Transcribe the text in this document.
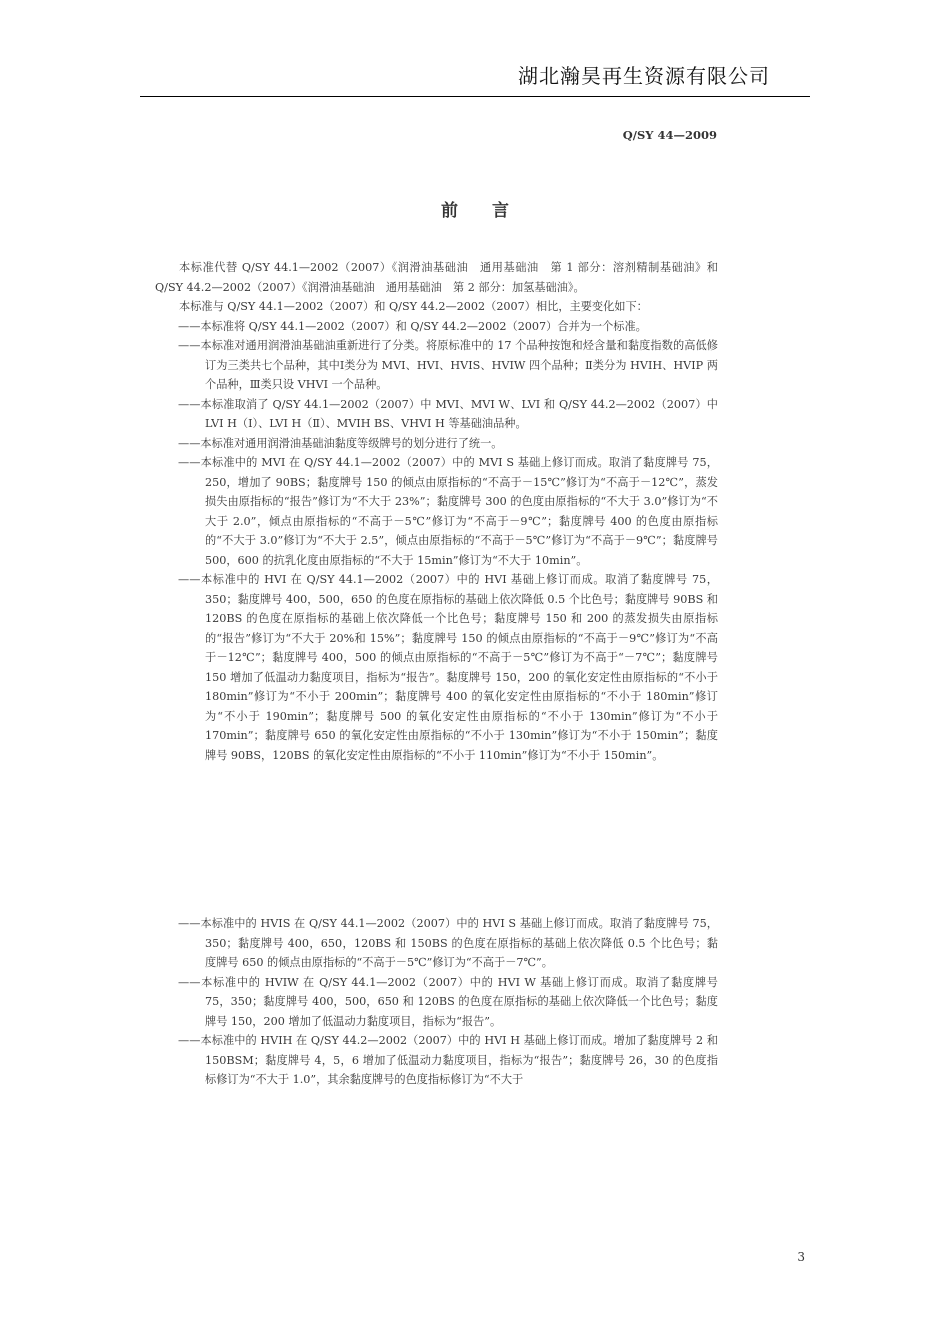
湖北瀚昊再生资源有限公司
Q/SY 44—2009
前 言

本标准代替 Q/SY 44.1—2002（2007）《润滑油基础油　通用基础油　第 1 部分：溶剂精制基础油》和 Q/SY 44.2—2002（2007）《润滑油基础油　通用基础油　第 2 部分：加氢基础油》。

本标准与 Q/SY 44.1—2002（2007）和 Q/SY 44.2—2002（2007）相比，主要变化如下：

——本标准将 Q/SY 44.1—2002（2007）和 Q/SY 44.2—2002（2007）合并为一个标准。

——本标准对通用润滑油基础油重新进行了分类。将原标准中的 17 个品种按饱和烃含量和黏度指数的高低修订为三类共七个品种，其中Ⅰ类分为 MVI、HVI、HVIS、HVIW 四个品种；Ⅱ类分为 HVIH、HVIP 两个品种，Ⅲ类只设 VHVI 一个品种。

——本标准取消了 Q/SY 44.1—2002（2007）中 MVI、MVI W、LVI 和 Q/SY 44.2—2002（2007）中 LVI H（Ⅰ）、LVI H（Ⅱ）、MVIH BS、VHVI H 等基础油品种。

——本标准对通用润滑油基础油黏度等级牌号的划分进行了统一。

——本标准中的 MVI 在 Q/SY 44.1—2002（2007）中的 MVI S 基础上修订而成。取消了黏度牌号 75，250，增加了 90BS；黏度牌号 150 的倾点由原指标的“不高于－15℃”修订为“不高于－12℃”，蒸发损失由原指标的“报告”修订为“不大于 23%”；黏度牌号 300 的色度由原指标的“不大于 3.0”修订为“不大于 2.0”，倾点由原指标的“不高于－5℃”修订为“不高于－9℃”；黏度牌号 400 的色度由原指标的“不大于 3.0”修订为“不大于 2.5”，倾点由原指标的“不高于－5℃”修订为“不高于－9℃”；黏度牌号 500，600 的抗乳化度由原指标的“不大于 15min”修订为“不大于 10min”。

——本标准中的 HVI 在 Q/SY 44.1—2002（2007）中的 HVI 基础上修订而成。取消了黏度牌号 75，350；黏度牌号 400，500，650 的色度在原指标的基础上依次降低 0.5 个比色号；黏度牌号 90BS 和 120BS 的色度在原指标的基础上依次降低一个比色号；黏度牌号 150 和 200 的蒸发损失由原指标的“报告”修订为“不大于 20%和 15%”；黏度牌号 150 的倾点由原指标的“不高于－9℃”修订为“不高于－12℃”；黏度牌号 400，500 的倾点由原指标的“不高于－5℃”修订为不高于“－7℃”；黏度牌号 150 增加了低温动力黏度项目，指标为“报告”。黏度牌号 150，200 的氧化安定性由原指标的“不小于 180min”修订为“不小于 200min”；黏度牌号 400 的氧化安定性由原指标的“不小于 180min”修订为“不小于 190min”；黏度牌号 500 的氧化安定性由原指标的“不小于 130min”修订为“不小于 170min”；黏度牌号 650 的氧化安定性由原指标的“不小于 130min”修订为“不小于 150min”；黏度牌号 90BS，120BS 的氧化安定性由原指标的“不小于 110min”修订为“不小于 150min”。

——本标准中的 HVIS 在 Q/SY 44.1—2002（2007）中的 HVI S 基础上修订而成。取消了黏度牌号 75，350；黏度牌号 400，650，120BS 和 150BS 的色度在原指标的基础上依次降低 0.5 个比色号；黏度牌号 650 的倾点由原指标的“不高于－5℃”修订为“不高于－7℃”。

——本标准中的 HVIW 在 Q/SY 44.1—2002（2007）中的 HVI W 基础上修订而成。取消了黏度牌号 75，350；黏度牌号 400，500，650 和 120BS 的色度在原指标的基础上依次降低一个比色号；黏度牌号 150，200 增加了低温动力黏度项目，指标为“报告”。

——本标准中的 HVIH 在 Q/SY 44.2—2002（2007）中的 HVI H 基础上修订而成。增加了黏度牌号 2 和 150BSM；黏度牌号 4，5，6 增加了低温动力黏度项目，指标为“报告”；黏度牌号 26，30 的色度指标修订为“不大于 1.0”，其余黏度牌号的色度指标修订为“不大于

3
